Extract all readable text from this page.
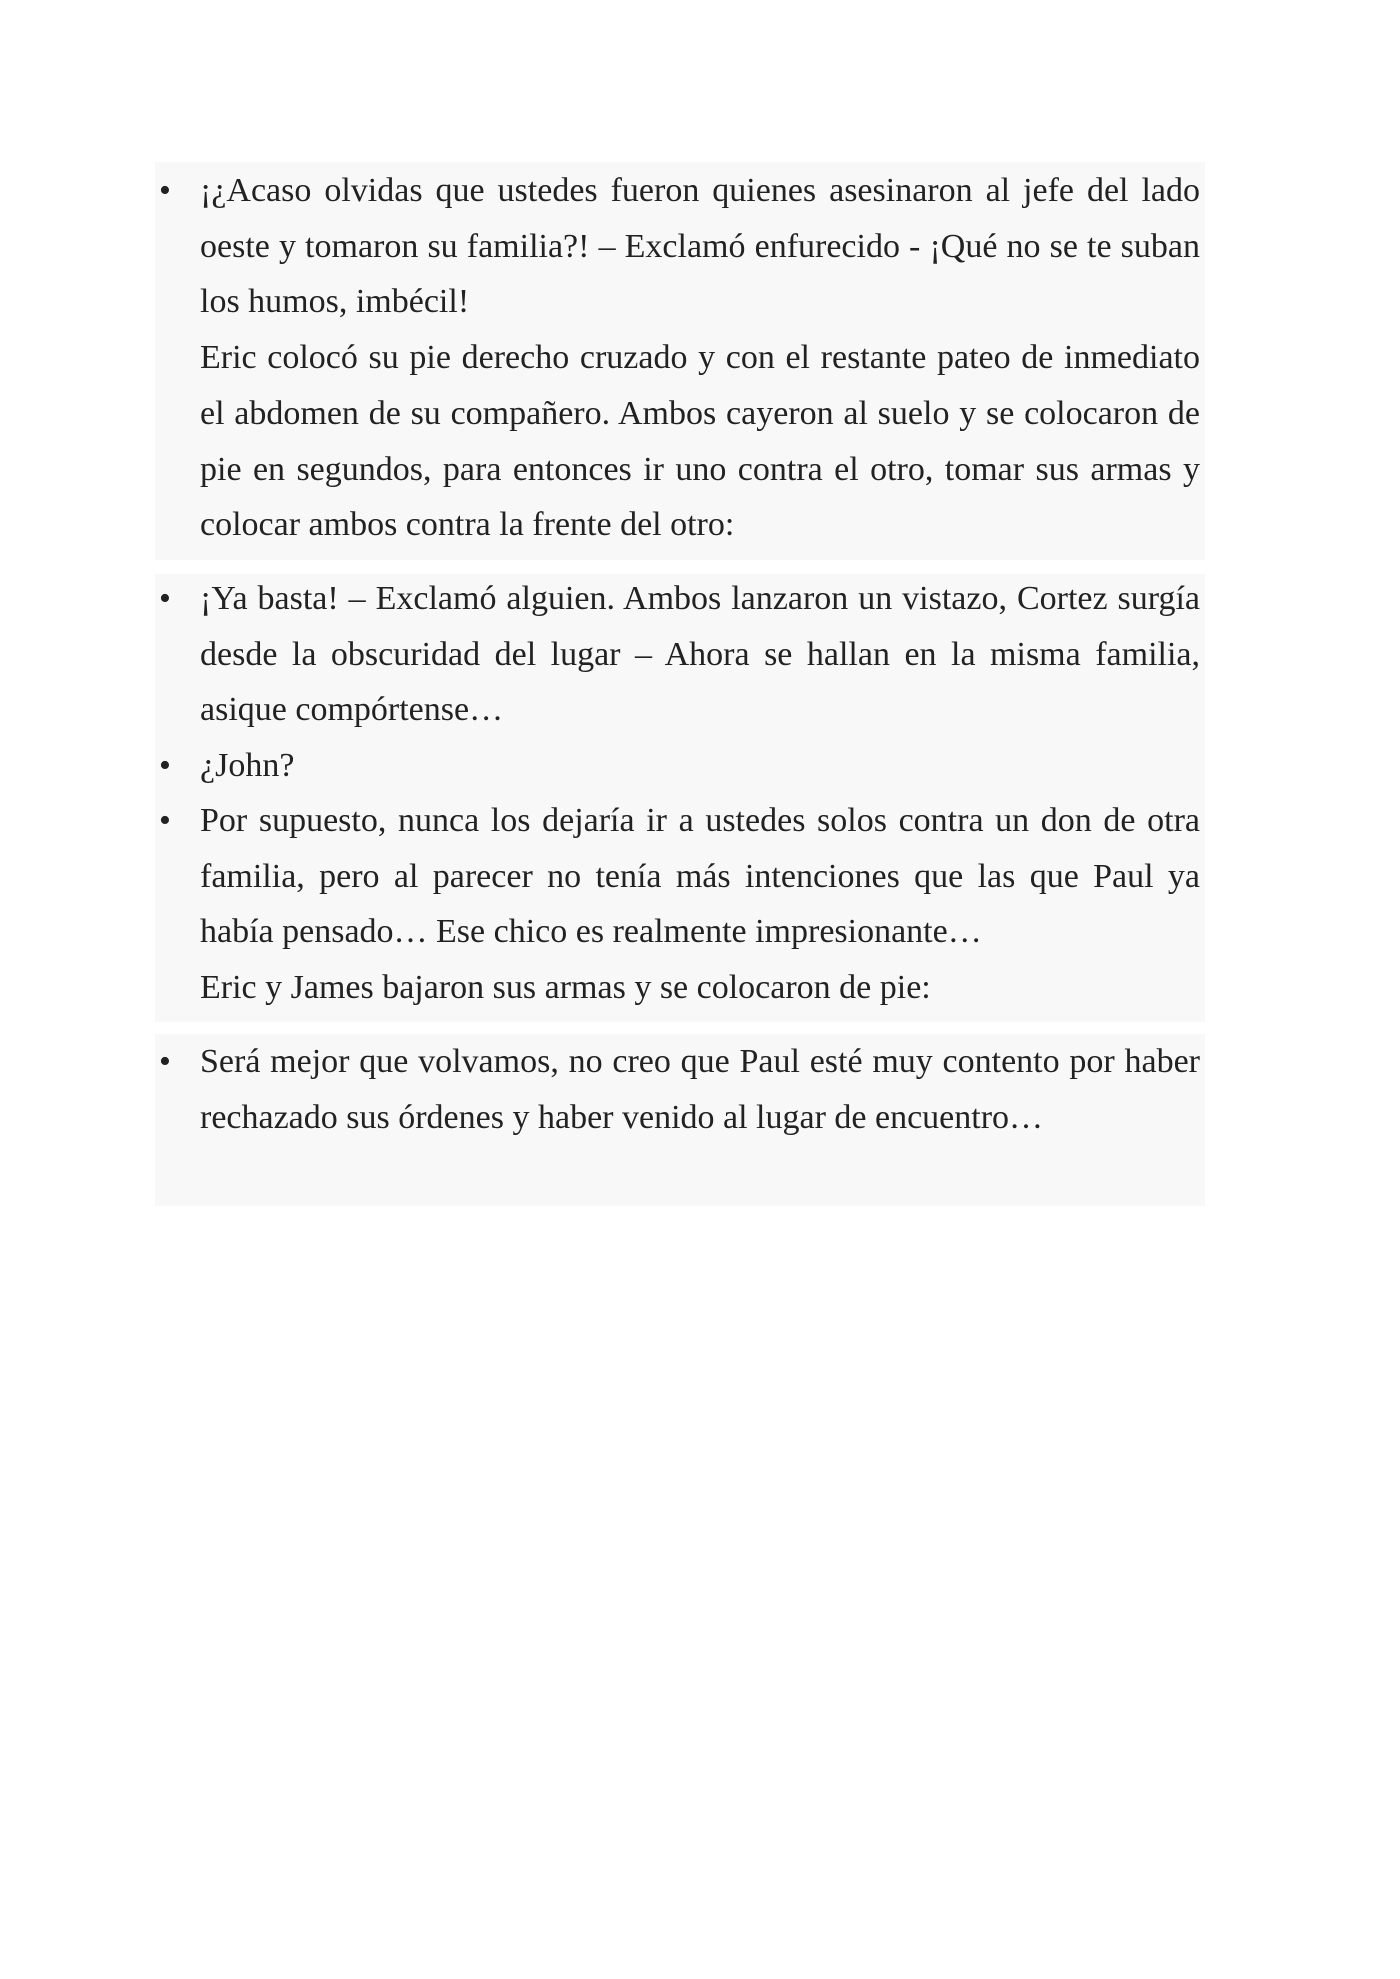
• ¡¿Acaso olvidas que ustedes fueron quienes asesinaron al jefe del lado oeste y tomaron su familia?! – Exclamó enfurecido - ¡Qué no se te suban los humos, imbécil!

Eric colocó su pie derecho cruzado y con el restante pateo de inmediato el abdomen de su compañero. Ambos cayeron al suelo y se colocaron de pie en segundos, para entonces ir uno contra el otro, tomar sus armas y colocar ambos contra la frente del otro:

• ¡Ya basta! – Exclamó alguien. Ambos lanzaron un vistazo, Cortez surgía desde la obscuridad del lugar – Ahora se hallan en la misma familia, asique compórtense…

• ¿John?

• Por supuesto, nunca los dejaría ir a ustedes solos contra un don de otra familia, pero al parecer no tenía más intenciones que las que Paul ya había pensado… Ese chico es realmente impresionante…

Eric y James bajaron sus armas y se colocaron de pie:

• Será mejor que volvamos, no creo que Paul esté muy contento por haber rechazado sus órdenes y haber venido al lugar de encuentro…
